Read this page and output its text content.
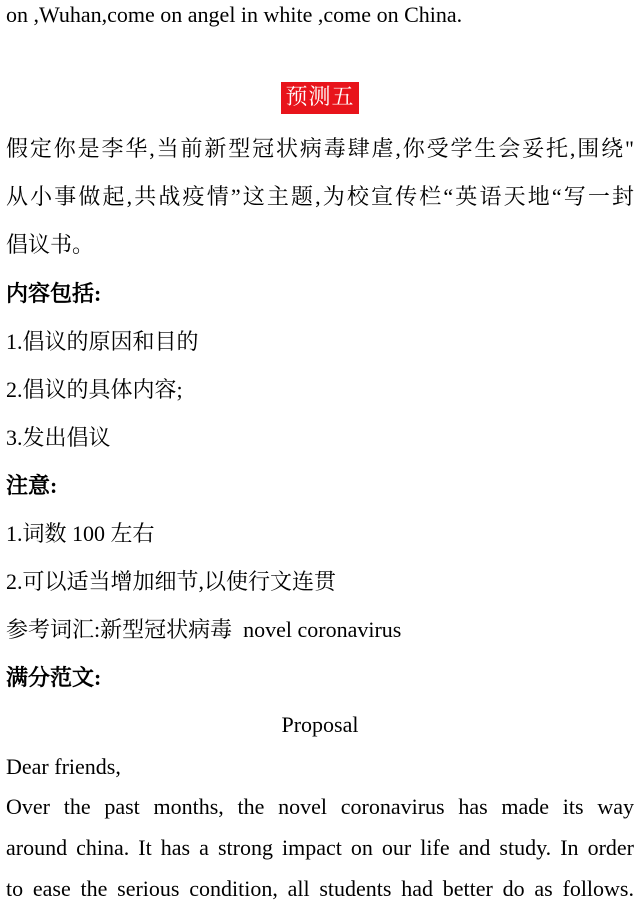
on ,Wuhan,come on angel in white ,come on China.
预测五
假定你是李华,当前新型冠状病毒肆虐,你受学生会妥托,围绕"
从小事做起,共战疫情”这主题,为校宣传栏“英语天地“写一封
倡议书。
内容包括:
1.倡议的原因和目的
2.倡议的具体内容;
3.发出倡议
注意:
1.词数 100 左右
2.可以适当增加细节,以使行文连贯
参考词汇:新型冠状病毒  novel coronavirus
满分范文:
Proposal
Dear friends,
Over the past months, the novel coronavirus has made its way
around china. It has a strong impact on our life and study. In order
to ease the serious condition, all students had better do as follows.
